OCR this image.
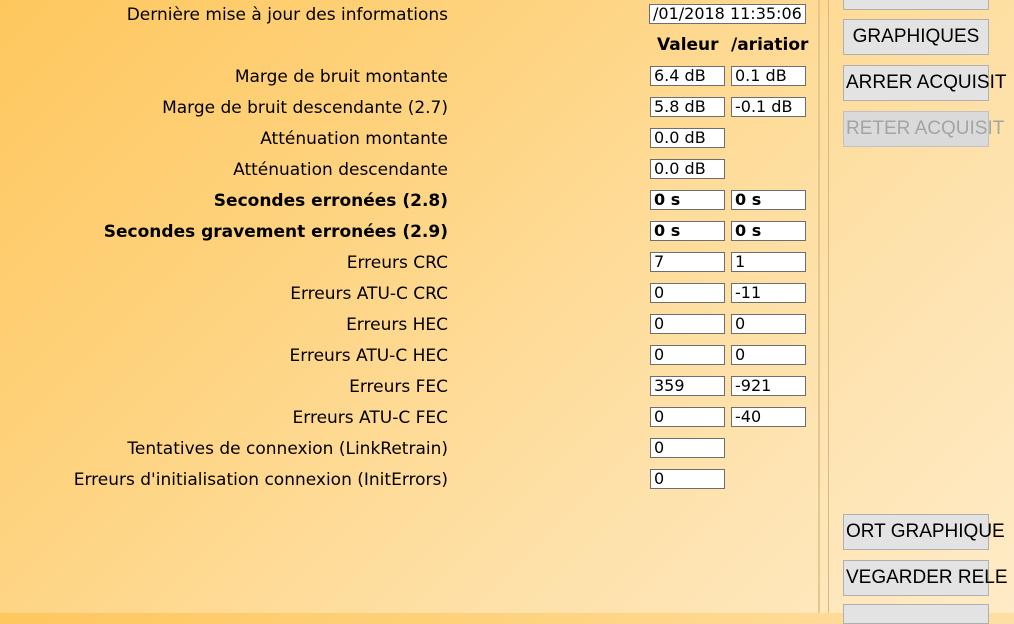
Dernière mise à jour des informations	/01/2018 11:35:06
Valeur /ariatior
Marge de bruit montante	6.4 dB	0.1 dB
Marge de bruit descendante (2.7)	5.8 dB	-0.1 dB
Atténuation montante	0.0 dB
Atténuation descendante	0.0 dB
Secondes erronées (2.8)	0 s	0 s
Secondes gravement erronées (2.9)	0 s	0 s
Erreurs CRC	7	1
Erreurs ATU-C CRC	0	-11
Erreurs HEC	0	0
Erreurs ATU-C HEC	0	0
Erreurs FEC	359	-921
Erreurs ATU-C FEC	0	-40
Tentatives de connexion (LinkRetrain)	0
Erreurs d'initialisation connexion (InitErrors)	0
GRAPHIQUES
ARRER ACQUISIT
RETER ACQUISIT
ORT GRAPHIQUE
VEGARDER RELE
